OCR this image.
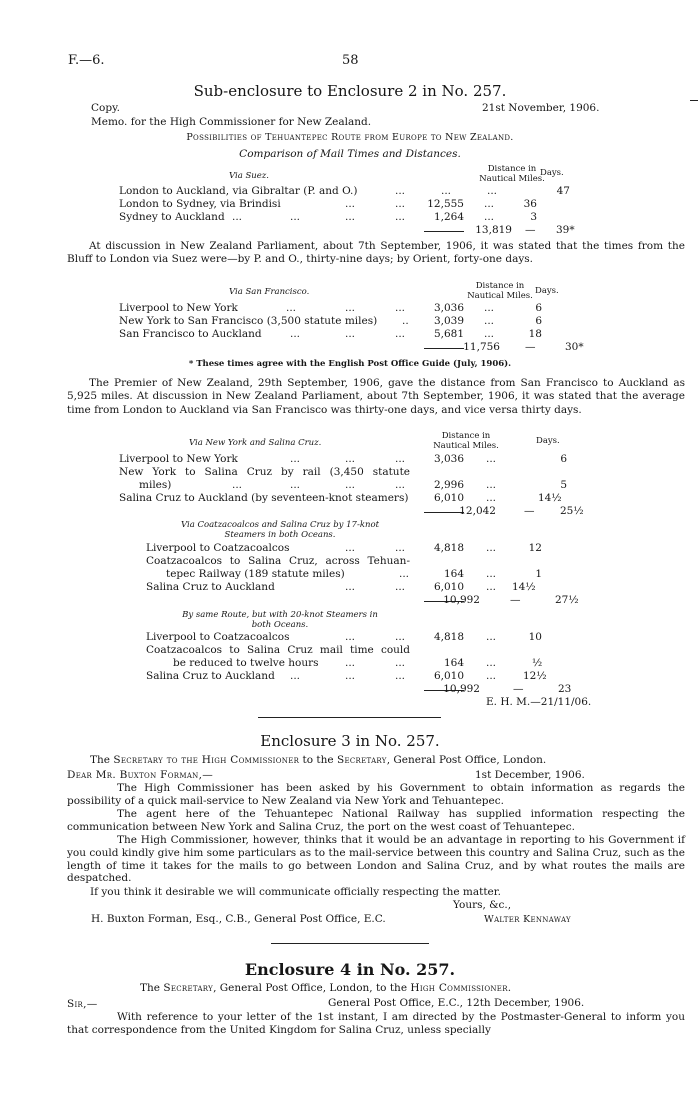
F.—6.	58
Sub-enclosure to Enclosure 2 in No. 257.
Copy.	21st November, 1906.
Memo. for the High Commissioner for New Zealand.
Possibilities of Tehuantepec Route from Europe to New Zealand.
Comparison of Mail Times and Distances.
Via Suez.
Distance in
Nautical Miles.
Days.
London to Auckland, via Gibraltar (P. and O.)	...	...	...	47
London to Sydney, via Brindisi	...	...	12,555 ...	36
Sydney to Auckland ...	...	...	...	1,264 ...	3
13,819 — 39*
At discussion in New Zealand Parliament, about 7th September, 1906, it was stated that the times from the Bluff to London via Suez were—by P. and O., thirty-nine days; by Orient, forty-one days.
Via San Francisco.
Distance in
Nautical Miles. Days.
Liverpool to New York	...	...	...	3,036 ...	6
New York to San Francisco (3,500 statute miles) ..	3,039 ...	6
San Francisco to Auckland	...	...	...	5,681 ...	18
11,756 —	30*
* These times agree with the English Post Office Guide (July, 1906).
The Premier of New Zealand, 29th September, 1906, gave the distance from San Francisco to Auckland as 5,925 miles. At discussion in New Zealand Parliament, about 7th September, 1906, it was stated that the average time from London to Auckland via San Francisco was thirty-one days, and vice versa thirty days.
Via New York and Salina Cruz.
Distance in
Nautical Miles.	Days.
Liverpool to New York	...	...	...	3,036 ...	6
New York to Salina Cruz by rail (3,450 statute
miles)	...	...	...	...	2,996 ...	5
Salina Cruz to Auckland (by seventeen-knot steamers)	6,010 ...	14½
12,042	— 25½
Via Coatzacoalcos and Salina Cruz by 17-knot
Steamers in both Oceans.
Liverpool to Coatzacoalcos	...	...	4,818 ...	12
Coatzacoalcos to Salina Cruz, across Tehuan-
tepec Railway (189 statute miles)	...	164 ...	1
Salina Cruz to Auckland	...	...	6,010 ... 14½
10,992	—	27½
By same Route, but with 20-knot Steamers in
both Oceans.
Liverpool to Coatzacoalcos	...	...	4,818 ...	10
Coatzacoalcos to Salina Cruz mail time could
be reduced to twelve hours	...	...	164 ...	½
Salina Cruz to Auckland ...	...	...	6,010 ...	12½
10,992	—	23
E. H. M.—21/11/06.
Enclosure 3 in No. 257.
The Secretary to the High Commissioner to the Secretary, General Post Office, London.
Dear Mr. Buxton Forman,—	1st December, 1906.
The High Commissioner has been asked by his Government to obtain information as regards the possibility of a quick mail-service to New Zealand via New York and Tehuantepec.
The agent here of the Tehuantepec National Railway has supplied information respecting the communication between New York and Salina Cruz, the port on the west coast of Tehuantepec.
The High Commissioner, however, thinks that it would be an advantage in reporting to his Government if you could kindly give him some particulars as to the mail-service between this country and Salina Cruz, such as the length of time it takes for the mails to go between London and Salina Cruz, and by what routes the mails are despatched.
If you think it desirable we will communicate officially respecting the matter.
Yours, &c.,
H. Buxton Forman, Esq., C.B., General Post Office, E.C.	Walter Kennaway
Enclosure 4 in No. 257.
The Secretary, General Post Office, London, to the High Commissioner.
Sir,—	General Post Office, E.C., 12th December, 1906.
With reference to your letter of the 1st instant, I am directed by the Postmaster-General to inform you that correspondence from the United Kingdom for Salina Cruz, unless specially
